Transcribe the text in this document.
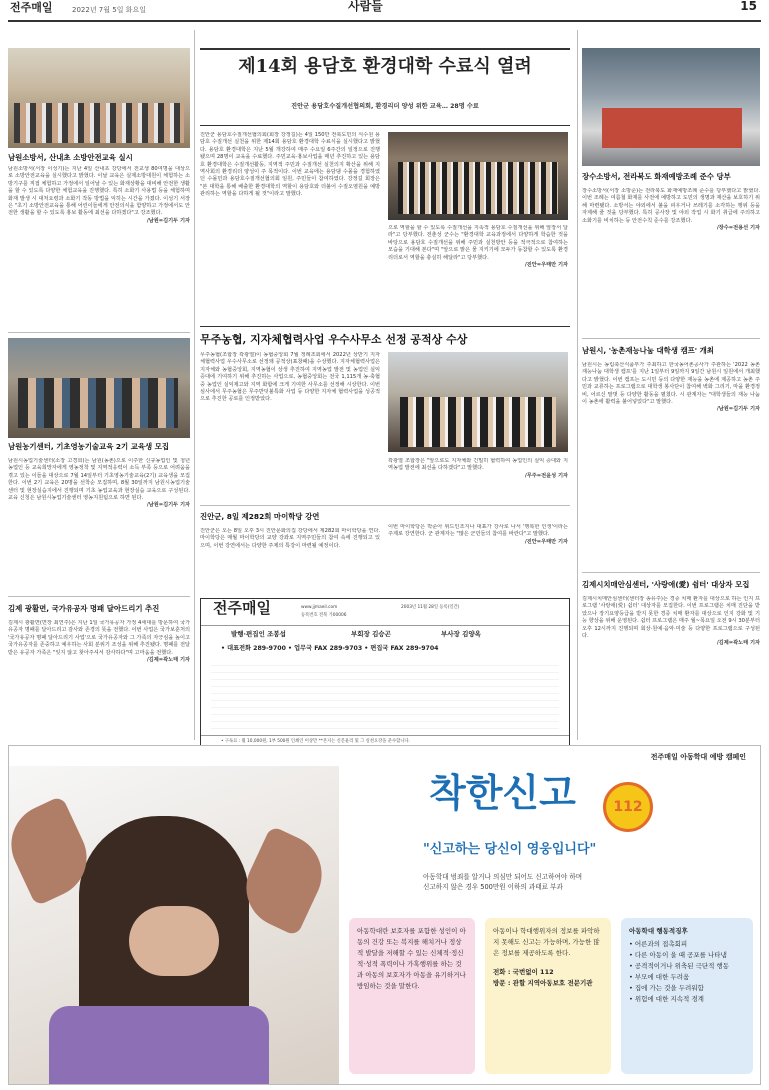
전주매일	2022년 7월 5일 화요일	사람들	15
남원소방서, 산내초 소방안전교육 실시
남원소방서(서장 이성기)는 지난 4일 산내초 강당에서 전교생 80여명을 대상으로 소방안전교육을 실시했다고 밝혔다. 이날 교육은 실제소방대원이 체험하는 소방기구를 직접 체험하고 가정에서 일어날 수 있는 화재상황을 대비해 안전한 생활을 할 수 있도록 다양한 체험교육을 진행했다. 특히 소화기 사용법 등을 체험하며 화재 발생 시 대처요령과 소화기 작동 방법을 익히는 시간을 가졌다. 이성기 서장은 "초기 소방안전교육을 통해 어린이들에게 안전의식을 함양하고 가정에서도 안전한 생활을 할 수 있도록 홍보 활동에 최선을 다하겠다"고 강조했다.
/남원=김기두 기자
남원농기센터, 기초영농기술교육 2기 교육생 모집
남원시농업기술센터(소장 고경희)는 남원(농촌)으로 이주한 신규농업인 및 청년농업인 등 교육희망자에게 영농정착 및 지역적응력이 소득 부족 등으로 어려움을 겪고 있는 이들을 대상으로 7월 14일부터 기초영농기술교육(2기) 교육생을 모집한다. 이번 2기 교육은 20명을 선착순 모집하며, 8월 30일까지 남원시농업기술센터 및 현장실습지에서 진행되며 기초 농업교육과 현장실습 교육으로 구성된다. 교육 신청은 남원시농업기술센터 영농지원팀으로 하면 된다.
/남원=김기두 기자
김제 광활면, 국가유공자 명패 달아드리기 추진
김제시 광활면(면장 최연주)은 지난 1일 국가유공자 가정 4세대를 방문하여 국가유공자 명패를 달아드리고 감사와 존경의 뜻을 전했다. 이번 사업은 국가보훈처의 '국가유공자 명패 달아드리기 사업'으로 국가유공자와 그 가족의 자긍심을 높이고 국가유공자를 존중하고 예우하는 사회 분위기 조성을 위해 추진됐다. 명패를 전달받은 유공자 가족은 "잊지 않고 찾아주셔서 감사하다"며 고마움을 전했다.
/김제=곽노태 기자
제14회 용담호 환경대학 수료식 열려
진안군 용담호수질개선협의회, 환경리더 양성 위한 교육… 28명 수료
진안군 용담호수질개선협의회(회장 강정길)는 4일 150만 전북도민의 식수원 용담호 수질개선 실천을 위한 제14회 용담호 환경대학 수료식을 실시했다고 밝혔다. 용담호 환경대학은 지난 5월 개강하여 매주 수요일 6주간의 일정으로 진행됐으며 28명이 교육을 수료했다. 주민교육·홍보사업을 매년 추진하고 있는 용담호 환경대학은 수질개선활동, 지역적 주민과 수질개선 실천의지 확산을 위해 지역사회의 환경리더 양성이 주 목적이다. 이번 교육에는 용담댐 수몰을 경험하였던 수몰민과 용담호수질개선협의회 임원, 주민들이 참여하였다. 강정길 회장은 "본 대학을 통해 배출한 환경대학의 역할이 용담호와 더불어 수질오염원을 예방 관리하는 역할을 다하게 될 것"이라고 말했다.
으로 역할을 할 수 있도록 수질개선을 지속적 용담호 수질개선을 위해 앞장서 달라"고 당부했다. 전춘성 군수는 "환경대학 교육과정에서 다양하게 학습한 것을 바탕으로 용담호 수질개선을 위해 주민과 실천방안 등을 적극적으로 참여하는 모습을 기대해 본다"며 "앞으로 맑은 물 지키기에 모두가 동참할 수 있도록 환경리더로서 역할을 충실히 해달라"고 당부했다.
/진안=우태만 기자
무주농협, 지자체협력사업 우수사무소 선정 공적상 수상
무주농협(조합장 곽광열)이 농협중앙회 7월 정례조회에서 2022년 상반기 지자체협력사업 우수사무소로 선정돼 공적상(표창패)을 수상했다. 지자체협력사업은 지자체와 농협중앙회, 지역농협이 상생 추진하여 지역농업 발전 및 농업인 실익증대에 기여하기 위해 추진하는 사업으로, 농협중앙회는 전국 1,115개 농·축협 중 농업인 실익제고와 지역 화합에 크게 기여한 사무소를 선정해 시상한다. 이번 심사에서 무주농협은 무주반딧불특화 사업 등 다양한 지자체 협력사업을 성공적으로 추진한 공로를 인정받았다.
곽광열 조합장은 "앞으로도 지자체와 긴밀히 협력하여 농업인의 실익 증대와 지역농업 발전에 최선을 다하겠다"고 말했다.
/무주=전윤성 기자
진안군, 8일 제282회 마이학당 강연
진안군은 오는 8일 오후 3시 진안문화의집 강당에서 제282회 마이학당을 연다. 마이학당은 매월 마이학당의 교양 강좌로 지역주민들의 참여 속에 진행되고 있으며, 이번 강연에서는 다양한 주제의 특강이 마련될 예정이다.
이번 마이학당은 박준아 위드인조지나 대표가 강사로 나서 '행복한 인생'이라는 주제로 강연한다. 군 관계자는 "많은 군민들의 참여를 바란다"고 말했다.
/진안=우태만 기자
전주매일	www.jjmaeil.com
등록번호 전북 가00006
2003년 11월 28일 등록(일간)
발행·편집인 조봉섭	부회장 김승곤	부사장 김양옥
• 대표전화 289-9700 • 업무국 FAX 289-9703 • 편집국 FAX 289-9704
• 구독료 : 월 10,000원, 1부 500원 인쇄인 이상만 **본지는 신문윤리 및 그 실천요강을 준수합니다.
장수소방서, 전라북도 화재예방조례 준수 당부
장수소방서(서장 소방준)는 전라북도 화재예방조례 준수를 당부했다고 밝혔다. 이번 조례는 여름철 화재를 사전에 예방하고 도민의 생명과 재산을 보호하기 위해 마련됐다. 소방서는 야외에서 불을 피우거나 쓰레기를 소각하는 행위 등을 자제해 줄 것을 당부했다. 특히 공사장 및 야외 작업 시 화기 취급에 주의하고 소화기를 비치하는 등 안전수칙 준수를 강조했다.
/장수=전용선 기자
남원시, '농촌재능나눔 대학생 캠프' 개최
남원시는 농림축산식품부가 주최하고 한국농어촌공사가 주관하는 '2022 농촌재능나눔 대학생 캠프'를 지난 1일부터 9일까지 9일간 남원시 일원에서 개최했다고 밝혔다. 이번 캠프는 도시민 등의 다양한 재능을 농촌에 제공하고 농촌 주민과 교류하는 프로그램으로 대학생 봉사단이 참여해 벽화 그리기, 마을 환경정비, 어르신 말벗 등 다양한 활동을 펼쳤다. 시 관계자는 "대학생들의 재능 나눔이 농촌에 활력을 불어넣었다"고 말했다.
/남원=김기두 기자
김제시치매안심센터, '사랑애(愛) 쉼터' 대상자 모집
김제시치매안심센터(센터장 송유주)는 경증 치매 환자를 대상으로 하는 인지 프로그램 '사랑애(愛) 쉼터' 대상자를 모집한다. 이번 프로그램은 치매 진단을 받았으나 장기요양등급을 받지 못한 경증 치매 환자를 대상으로 인지 강화 및 기능 향상을 위해 운영된다. 쉼터 프로그램은 매주 월~목요일 오전 9시 30분부터 오후 12시까지 진행되며 회상·원예·음악·미술 등 다양한 프로그램으로 구성된다.
/김제=곽노태 기자
전주매일 아동학대 예방 캠페인
착한신고	112
"신고하는 당신이 영웅입니다"
아동학대 범죄를 알거나 의심만 되어도 신고하여야 하며
신고하지 않은 경우 500만원 이하의 과태료 부과
아동학대란 보호자를 포함한 성인이 아동의 건강 또는 복지를 해치거나 정상적 발달을 저해할 수 있는 신체적·정신적·성적 폭력이나 가혹행위를 하는 것과 아동의 보호자가 아동을 유기하거나 방임하는 것을 말한다.
아동이나 학대행위자의 정보를 파악하지 못해도 신고는 가능하며, 가능한 많은 정보를 제공하도록 한다.
전화 : 국번없이 112
방문 : 관할 지역아동보호 전문기관
아동학대 행동적징후
• 어른과의 접촉회피
• 다른 아동이 울 때 공포를 나타냄
• 공격적이거나 위축된 극단적 행동
• 부모에 대한 두려움
• 집에 가는 것을 두려워함
• 위험에 대한 지속적 경계
